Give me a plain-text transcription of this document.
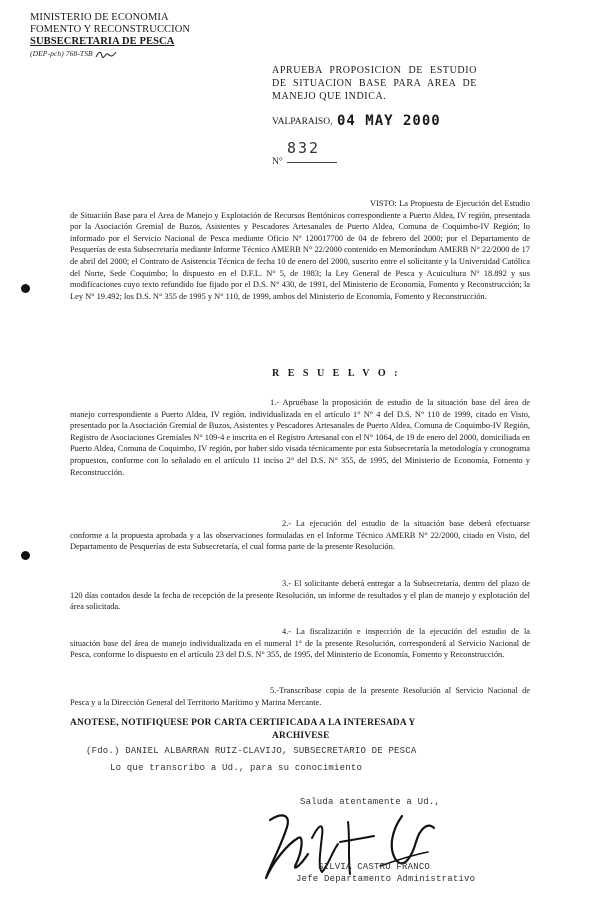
MINISTERIO DE ECONOMIA
FOMENTO Y RECONSTRUCCION
SUBSECRETARIA DE PESCA
(DEP-pch) 768-TSB
APRUEBA PROPOSICION DE ESTUDIO DE SITUACION BASE PARA AREA DE MANEJO QUE INDICA.
VALPARAISO, 04 MAY 2000
N°
832
VISTO: La Propuesta de Ejecución del Estudio de Situación Base para el Area de Manejo y Explotación de Recursos Bentónicos correspondiente a Puerto Aldea, IV región, presentada por la Asociación Gremial de Buzos, Asistentes y Pescadores Artesanales de Puerto Aldea, Comuna de Coquimbo-IV Región; lo informado por el Servicio Nacional de Pesca mediante Oficio N° 120017700 de 04 de febrero del 2000; por el Departamento de Pesquerías de esta Subsecretaría mediante Informe Técnico AMERB N° 22/2000 contenido en Memorándum AMERB N° 22/2000 de 17 de abril del 2000; el Contrato de Asistencia Técnica de fecha 10 de enero del 2000, suscrito entre el solicitante y la Universidad Católica del Norte, Sede Coquimbo; lo dispuesto en el D.F.L. N° 5, de 1983; la Ley General de Pesca y Acuicultura N° 18.892 y sus modificaciones cuyo texto refundido fue fijado por el D.S. N° 430, de 1991, del Ministerio de Economía, Fomento y Reconstrucción; la Ley N° 19.492; los D.S. N° 355 de 1995 y N° 110, de 1999, ambos del Ministerio de Economía, Fomento y Reconstrucción.
R E S U E L V O :
1.- Apruébase la proposición de estudio de la situación base del área de manejo correspondiente a Puerto Aldea, IV región, individualizada en el artículo 1° N° 4 del D.S. N° 110 de 1999, citado en Visto, presentado por la Asociación Gremial de Buzos, Asistentes y Pescadores Artesanales de Puerto Aldea, Comuna de Coquimbo-IV Región, Registro de Asociaciones Gremiales N° 109-4 e inscrita en el Registro Artesanal con el N° 1064, de 19 de enero del 2000, domiciliada en Puerto Aldea, Comuna de Coquimbo, IV región, por haber sido visada técnicamente por esta Subsecretaría la metodología y cronograma propuestos, conforme con lo señalado en el artículo 11 inciso 2° del D.S. N° 355, de 1995, del Ministerio de Economía, Fomento y Reconstrucción.
2.- La ejecución del estudio de la situación base deberá efectuarse conforme a la propuesta aprobada y a las observaciones formuladas en el Informe Técnico AMERB N° 22/2000, citado en Visto, del Departamento de Pesquerías de esta Subsecretaría, el cual forma parte de la presente Resolución.
3.- El solicitante deberá entregar a la Subsecretaría, dentro del plazo de 120 días contados desde la fecha de recepción de la presente Resolución, un informe de resultados y el plan de manejo y explotación del área solicitada.
4.- La fiscalización e inspección de la ejecución del estudio de la situación base del área de manejo individualizada en el numeral 1° de la presente Resolución, corresponderá al Servicio Nacional de Pesca, conforme lo dispuesto en el artículo 23 del D.S. N° 355, de 1995, del Ministerio de Economía, Fomento y Reconstrucción.
5.-Transcríbase copia de la presente Resolución al Servicio Nacional de Pesca y a la Dirección General del Territorio Marítimo y Marina Mercante.
ANOTESE, NOTIFIQUESE POR CARTA CERTIFICADA A LA INTERESADA Y
ARCHIVESE
(Fdo.) DANIEL ALBARRAN RUIZ-CLAVIJO, SUBSECRETARIO DE PESCA
Lo que transcribo a Ud., para su conocimiento
Saluda atentamente a Ud.,
SILVIA CASTRO FRANCO
Jefe Departamento Administrativo
